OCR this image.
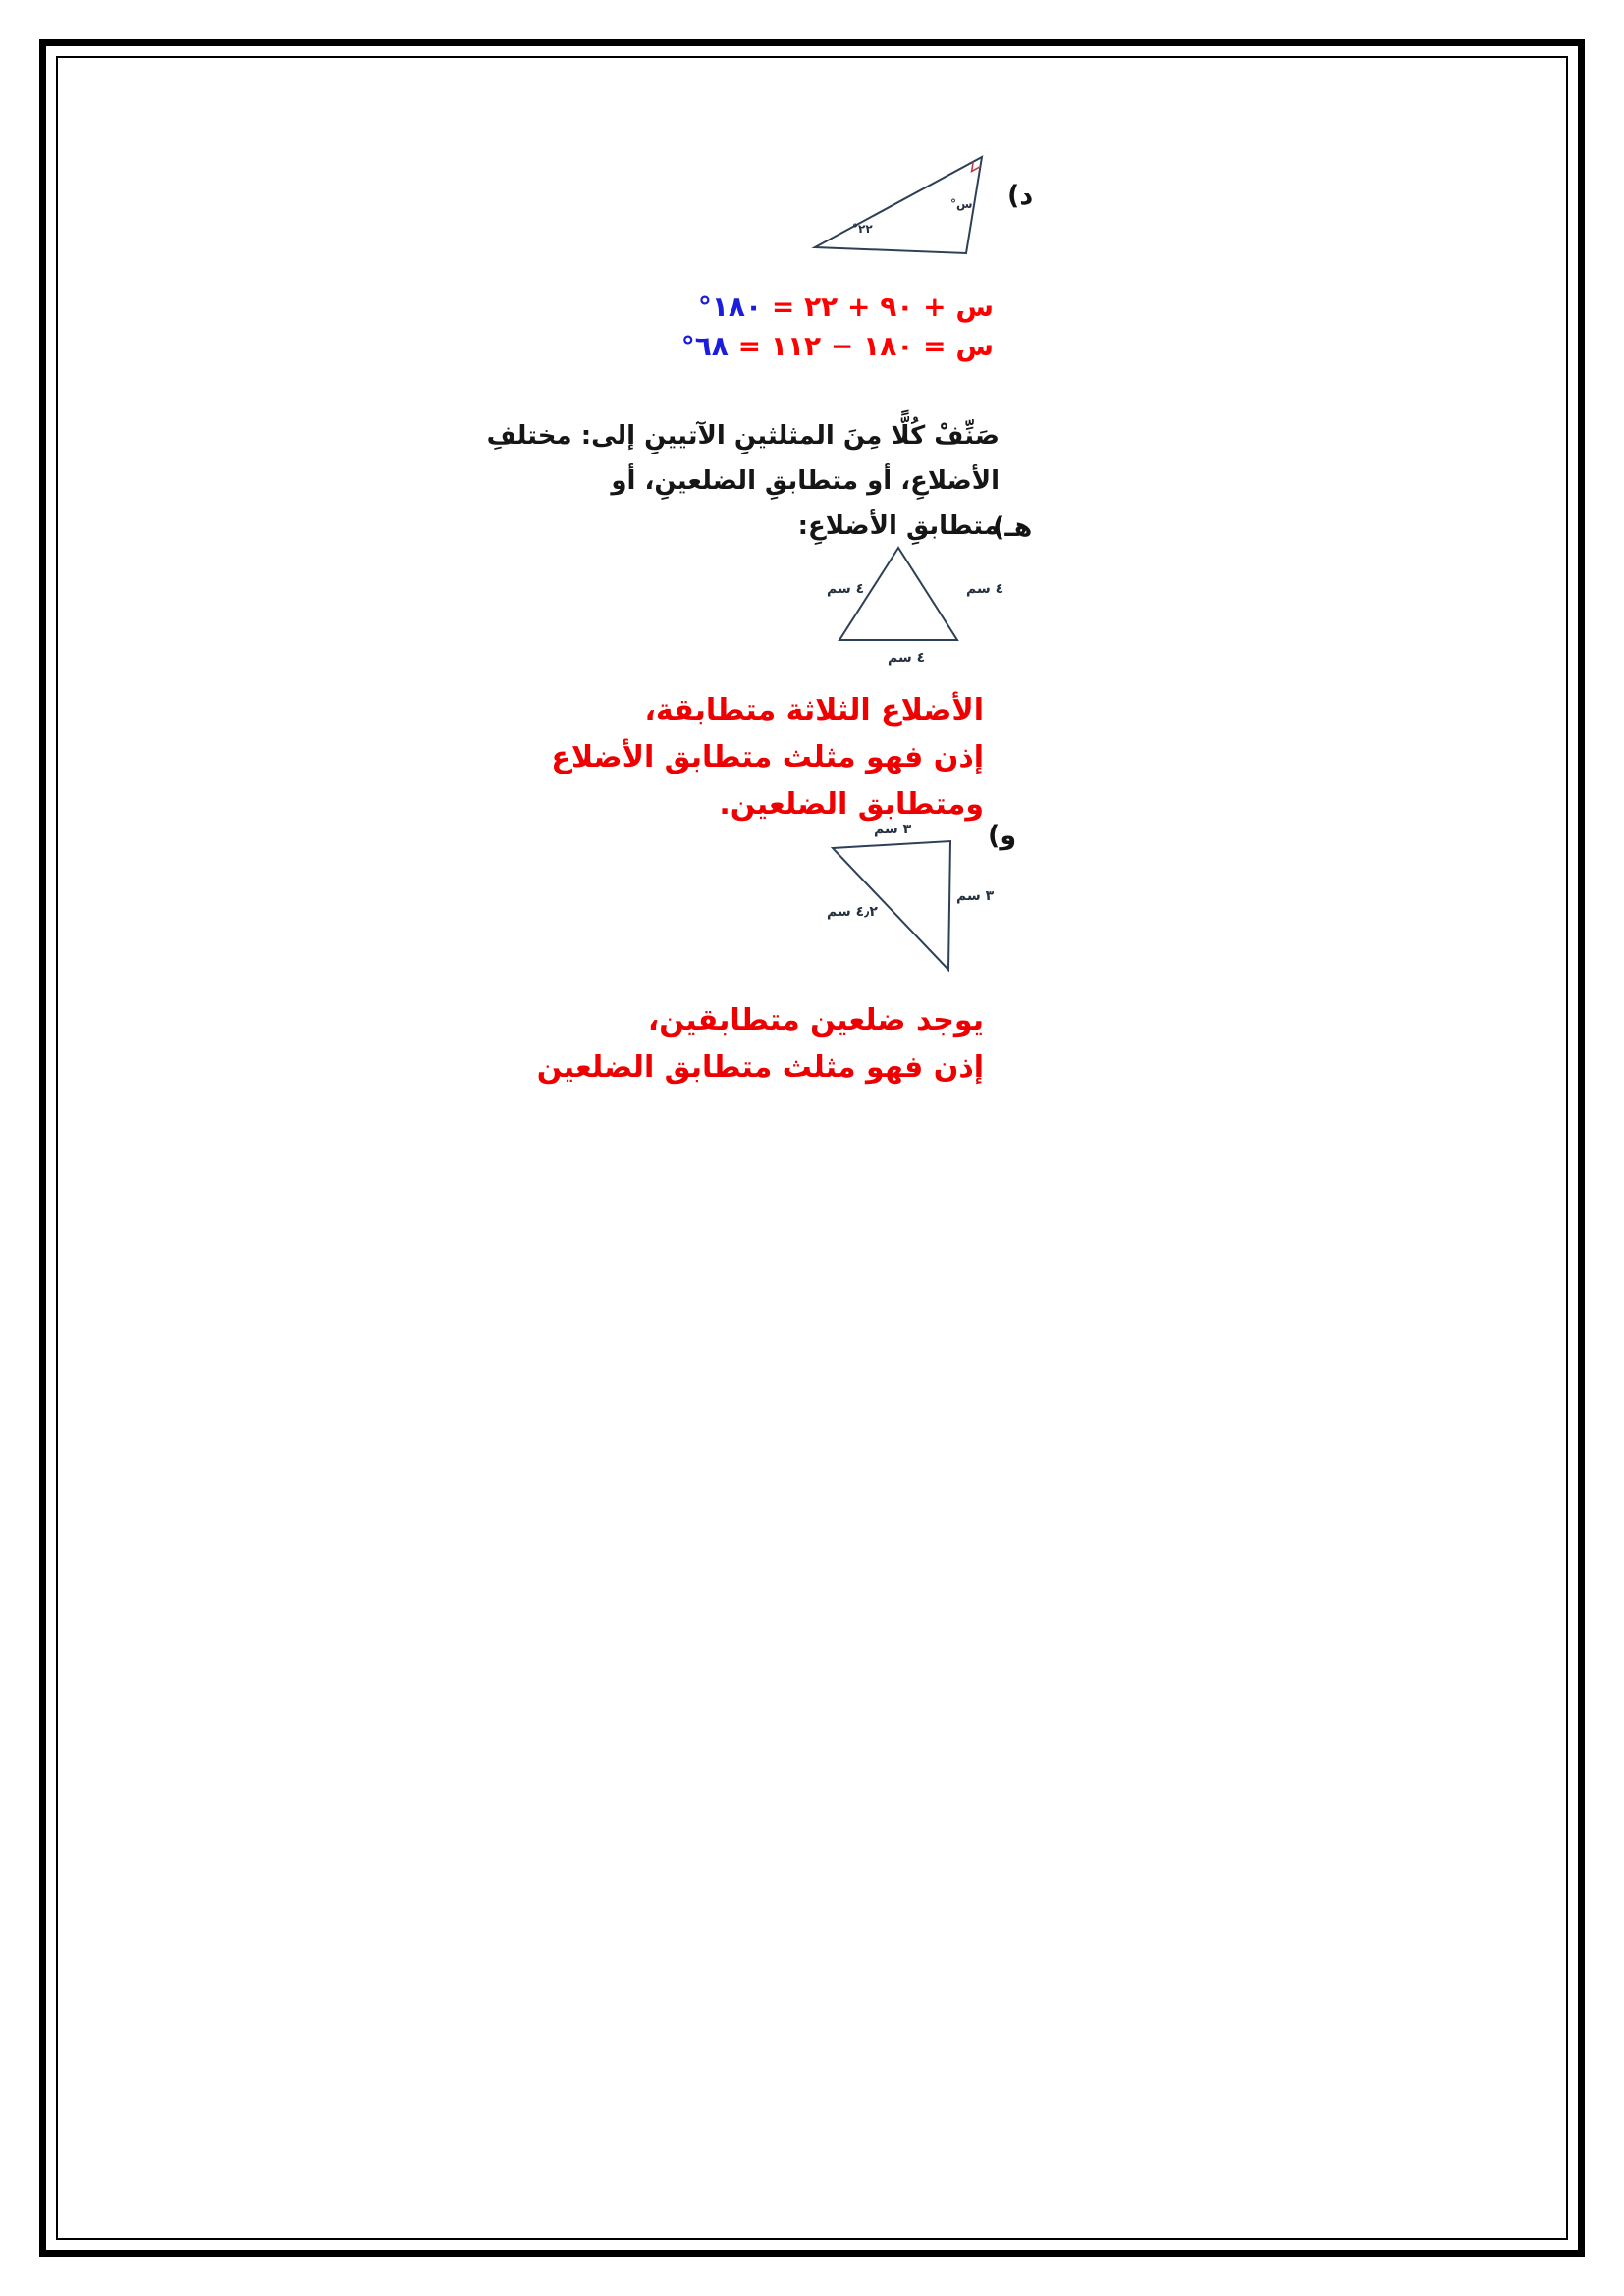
د)
٢٢°
س°
س + ٩٠ + ٢٢ = ١٨٠°
س = ١٨٠ − ١١٢ = ٦٨°
صَنِّفْ كُلًّا مِنَ المثلثينِ الآتيينِ إلى: مختلفِ الأضلاعِ، أو متطابقِ الضلعينِ، أو
متطابقِ الأضلاعِ:
هـ)
٤ سم	٤ سم
٤ سم
الأضلاع الثلاثة متطابقة،
إذن فهو مثلث متطابق الأضلاع ومتطابق الضلعين.
و)
٣ سم
٣ سم
٤٫٢ سم
يوجد ضلعين متطابقين،
إذن فهو مثلث متطابق الضلعين
